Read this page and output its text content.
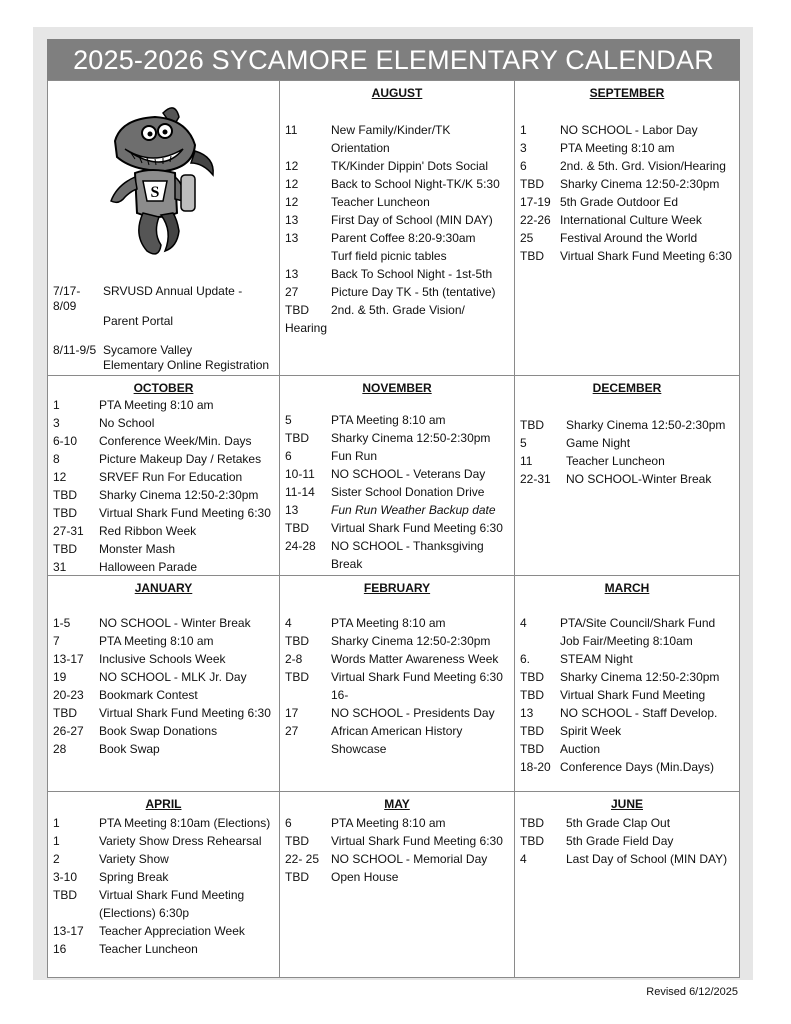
2025-2026 SYCAMORE ELEMENTARY CALENDAR
S
7/17-8/09
SRVUSD Annual Update -
Parent Portal
8/11-9/5 Sycamore Valley
Elementary Online Registration
AUGUST
11	New Family/Kinder/TK
Orientation
12	TK/Kinder Dippin' Dots Social
12	Back to School Night-TK/K 5:30
12	Teacher Luncheon
13	First Day of School (MIN DAY)
13	Parent Coffee 8:20-9:30am
Turf field picnic tables
13	Back To School Night - 1st-5th
27	Picture Day TK - 5th (tentative)
TBD	2nd. & 5th. Grade Vision/
Hearing
SEPTEMBER
1	NO SCHOOL - Labor Day
3	PTA Meeting 8:10 am
6	2nd. & 5th. Grd. Vision/Hearing
TBD	Sharky Cinema 12:50-2:30pm
17-19 5th Grade Outdoor Ed
22-26 International Culture Week
25	Festival Around the World
TBD	Virtual Shark Fund Meeting 6:30
OCTOBER
1	PTA Meeting 8:10 am
3	No School
6-10	Conference Week/Min. Days
8	Picture Makeup Day / Retakes
12	SRVEF Run For Education
TBD	Sharky Cinema 12:50-2:30pm
TBD	Virtual Shark Fund Meeting 6:30
27-31	Red Ribbon Week
TBD	Monster Mash
31	Halloween Parade
NOVEMBER
5	PTA Meeting 8:10 am
TBD	Sharky Cinema 12:50-2:30pm
6	Fun Run
10-11	NO SCHOOL - Veterans Day
11-14	Sister School Donation Drive
13	Fun Run Weather Backup date
TBD	Virtual Shark Fund Meeting 6:30
24-28	NO SCHOOL - Thanksgiving Break
DECEMBER
TBD	Sharky Cinema 12:50-2:30pm
5	Game Night
11	Teacher Luncheon
22-31	NO SCHOOL-Winter Break
JANUARY
1-5	NO SCHOOL - Winter Break
7	PTA Meeting 8:10 am
13-17	Inclusive Schools Week
19	NO SCHOOL - MLK Jr. Day
20-23	Bookmark Contest
TBD	Virtual Shark Fund Meeting 6:30
26-27	Book Swap Donations
28	Book Swap
FEBRUARY
4	PTA Meeting 8:10 am
TBD	Sharky Cinema 12:50-2:30pm
2-8	Words Matter Awareness Week
TBD	Virtual Shark Fund Meeting 6:30 16-
17	NO SCHOOL - Presidents Day
27	African American History
Showcase
MARCH
4	PTA/Site Council/Shark Fund
Job Fair/Meeting 8:10am
6.	STEAM Night
TBD	Sharky Cinema 12:50-2:30pm
TBD	Virtual Shark Fund Meeting
13	NO SCHOOL - Staff Develop.
TBD	Spirit Week
TBD	Auction
18-20 Conference Days (Min.Days)
APRIL
1	PTA Meeting 8:10am (Elections)
1	Variety Show Dress Rehearsal
2	Variety Show
3-10	Spring Break
TBD	Virtual Shark Fund Meeting
(Elections) 6:30p
13-17	Teacher Appreciation Week
16	Teacher Luncheon
MAY
6	PTA Meeting 8:10 am
TBD	Virtual Shark Fund Meeting 6:30
22- 25 NO SCHOOL - Memorial Day
TBD	Open House
JUNE
TBD	5th Grade Clap Out
TBD	5th Grade Field Day
4	Last Day of School (MIN DAY)
Revised 6/12/2025
